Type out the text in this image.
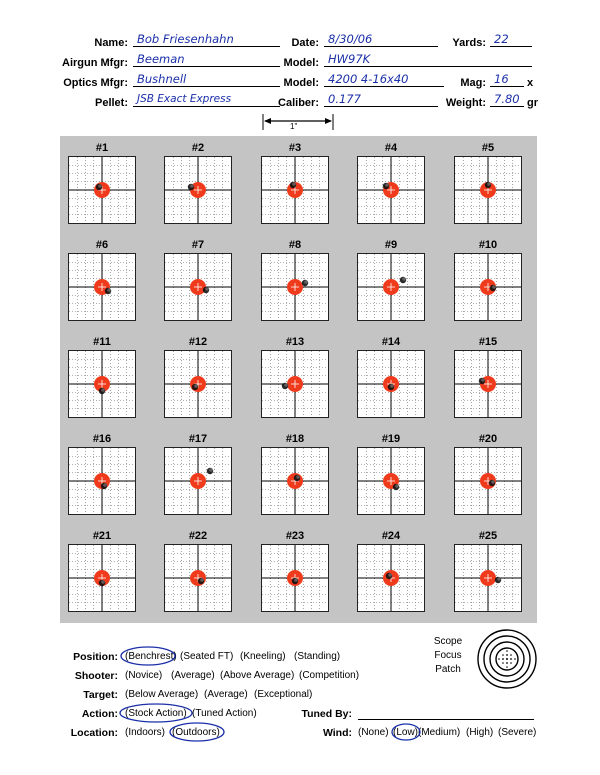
Name: Bob Friesenhahn	Date: 8/30/06	Yards: 22
Airgun Mfgr: Beeman	Model: HW97K
Optics Mfgr: Bushnell	Model: 4200 4-16x40	Mag: 16	x
Pellet: JSB Exact Express	Caliber: 0.177	Weight: 7.80 gr
1"
#1	#2	#3	#4	#5
#6	#7	#8	#9	#10
#11	#12	#13	#14	#15
#16	#17	#18	#19	#20
#21	#22	#23	#24	#25
Position: (Benchrest) (Seated FT) (Kneeling) (Standing)
Shooter: (Novice) (Average) (Above Average) (Competition)
Target: (Below Average) (Average) (Exceptional)
Action: (Stock Action) (Tuned Action)	Tuned By:
Location: (Indoors) (Outdoors)	Wind: (None) (Low) (Medium) (High) (Severe)
Scope
Focus
Patch
